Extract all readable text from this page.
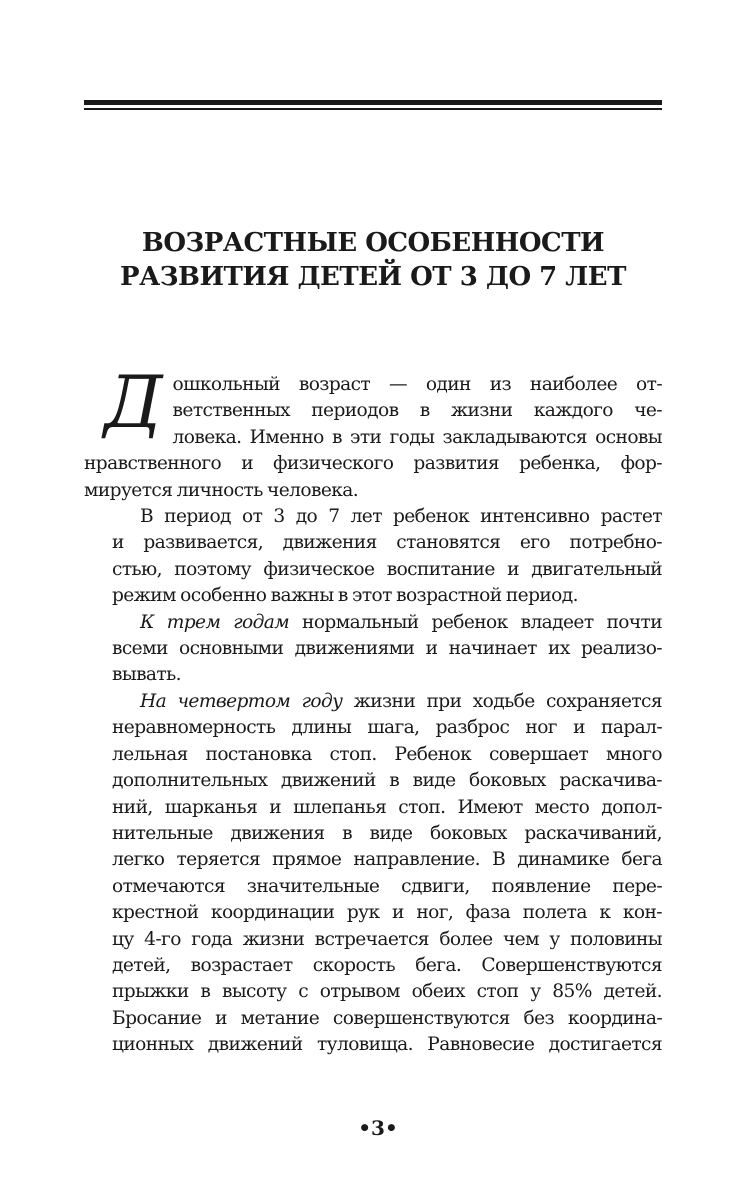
ВОЗРАСТНЫЕ ОСОБЕННОСТИ
РАЗВИТИЯ ДЕТЕЙ ОТ 3 ДО 7 ЛЕТ
Д ошкольный возраст — один из наиболее от-
ветственных периодов в жизни каждого че-
ловека. Именно в эти годы закладываются основы
нравственного и физического развития ребенка, фор-
мируется личность человека.
В период от 3 до 7 лет ребенок интенсивно растет
и развивается, движения становятся его потребно-
стью, поэтому физическое воспитание и двигательный
режим особенно важны в этот возрастной период.
К трем годам нормальный ребенок владеет почти
всеми основными движениями и начинает их реализо-
вывать.
На четвертом году жизни при ходьбе сохраняется
неравномерность длины шага, разброс ног и парал-
лельная постановка стоп. Ребенок совершает много
дополнительных движений в виде боковых раскачива-
ний, шарканья и шлепанья стоп. Имеют место допол-
нительные движения в виде боковых раскачиваний,
легко теряется прямое направление. В динамике бега
отмечаются значительные сдвиги, появление пере-
крестной координации рук и ног, фаза полета к кон-
цу 4-го года жизни встречается более чем у половины
детей, возрастает скорость бега. Совершенствуются
прыжки в высоту с отрывом обеих стоп у 85% детей.
Бросание и метание совершенствуются без координа-
ционных движений туловища. Равновесие достигается
•3•
